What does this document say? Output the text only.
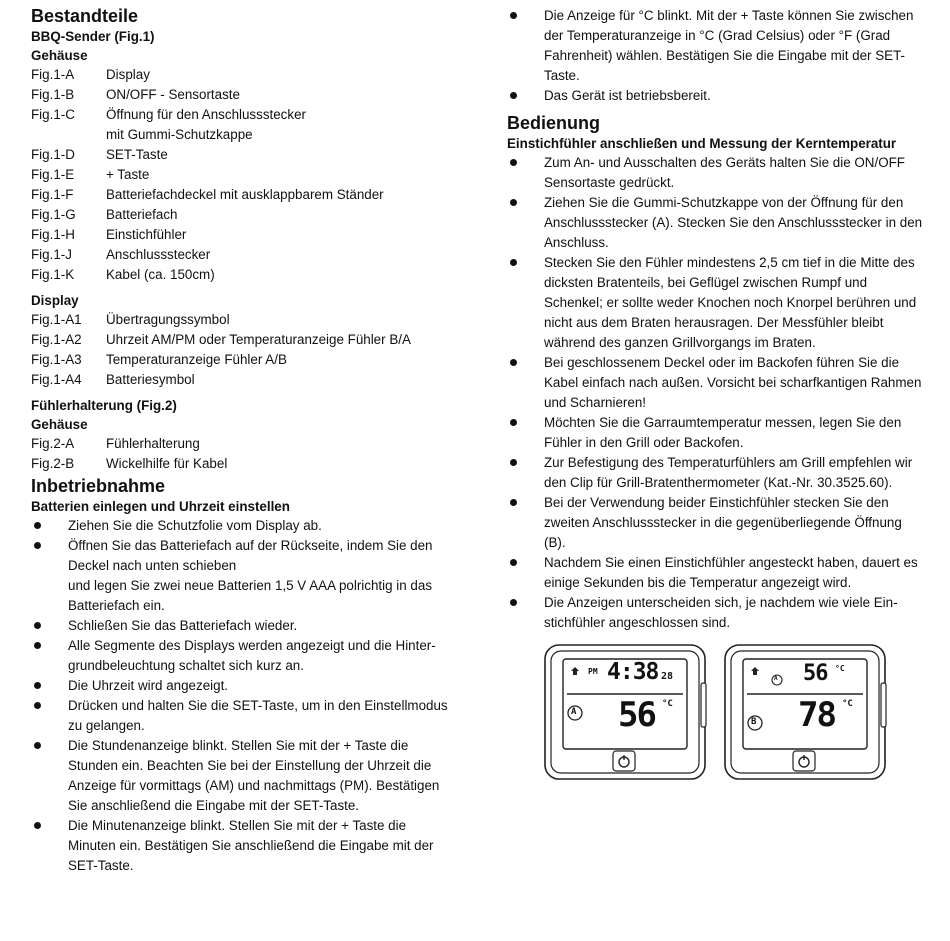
Bestandteile
BBQ-Sender (Fig.1)
Gehäuse
Fig.1-A	Display
Fig.1-B	ON/OFF - Sensortaste
Fig.1-C	Öffnung für den Anschlussstecker
mit Gummi-Schutzkappe
Fig.1-D	SET-Taste
Fig.1-E	+ Taste
Fig.1-F	Batteriefachdeckel mit ausklappbarem Ständer
Fig.1-G	Batteriefach
Fig.1-H	Einstichfühler
Fig.1-J	Anschlussstecker
Fig.1-K	Kabel (ca. 150cm)
Display
Fig.1-A1	Übertragungssymbol
Fig.1-A2	Uhrzeit AM/PM oder Temperaturanzeige Fühler B/A
Fig.1-A3	Temperaturanzeige Fühler A/B
Fig.1-A4	Batteriesymbol
Fühlerhalterung (Fig.2)
Gehäuse
Fig.2-A	Fühlerhalterung
Fig.2-B	Wickelhilfe für Kabel
Inbetriebnahme
Batterien einlegen und Uhrzeit einstellen
Ziehen Sie die Schutzfolie vom Display ab.
Öffnen Sie das Batteriefach auf der Rückseite, indem Sie den Deckel nach unten schieben
und legen Sie zwei neue Batterien 1,5 V AAA polrichtig in das Batteriefach ein.
Schließen Sie das Batteriefach wieder.
Alle Segmente des Displays werden angezeigt und die Hintergrundbeleuchtung schaltet sich kurz an.
Die Uhrzeit wird angezeigt.
Drücken und halten Sie die SET-Taste, um in den Einstellmodus zu gelangen.
Die Stundenanzeige blinkt. Stellen Sie mit der + Taste die Stunden ein. Beachten Sie bei der Einstellung der Uhrzeit die Anzeige für vormittags (AM) und nachmittags (PM). Bestätigen Sie anschließend die Eingabe mit der SET-Taste.
Die Minutenanzeige blinkt. Stellen Sie mit der + Taste die Minuten ein. Bestätigen Sie anschließend die Eingabe mit der SET-Taste.
Die Anzeige für °C blinkt. Mit der + Taste können Sie zwischen der Temperaturanzeige in °C (Grad Celsius) oder °F (Grad Fahrenheit) wählen. Bestätigen Sie die Eingabe mit der SET-Taste.
Das Gerät ist betriebsbereit.
Bedienung
Einstichfühler anschließen und Messung der Kerntemperatur
Zum An- und Ausschalten des Geräts halten Sie die ON/OFF Sensortaste gedrückt.
Ziehen Sie die Gummi-Schutzkappe von der Öffnung für den Anschlussstecker (A). Stecken Sie den Anschlussstecker in den Anschluss.
Stecken Sie den Fühler mindestens 2,5 cm tief in die Mitte des dicksten Bratenteils, bei Geflügel zwischen Rumpf und Schenkel; er sollte weder Knochen noch Knorpel berühren und nicht aus dem Braten herausragen. Der Messfühler bleibt während des ganzen Grillvorgangs im Braten.
Bei geschlossenem Deckel oder im Backofen führen Sie die Kabel einfach nach außen. Vorsicht bei scharfkantigen Rahmen und Scharnieren!
Möchten Sie die Garraumtemperatur messen, legen Sie den Fühler in den Grill oder Backofen.
Zur Befestigung des Temperaturfühlers am Grill empfehlen wir den Clip für Grill-Bratenthermometer (Kat.-Nr. 30.3525.60).
Bei der Verwendung beider Einstichfühler stecken Sie den zweiten Anschlussstecker in die gegenüberliegende Öffnung (B).
Nachdem Sie einen Einstichfühler angesteckt haben, dauert es einige Sekunden bis die Temperatur angezeigt wird.
Die Anzeigen unterscheiden sich, je nachdem wie viele Einstichfühler angeschlossen sind.
PM 4:38 28
A 56 °C
A 56 °C
B 78 °C
